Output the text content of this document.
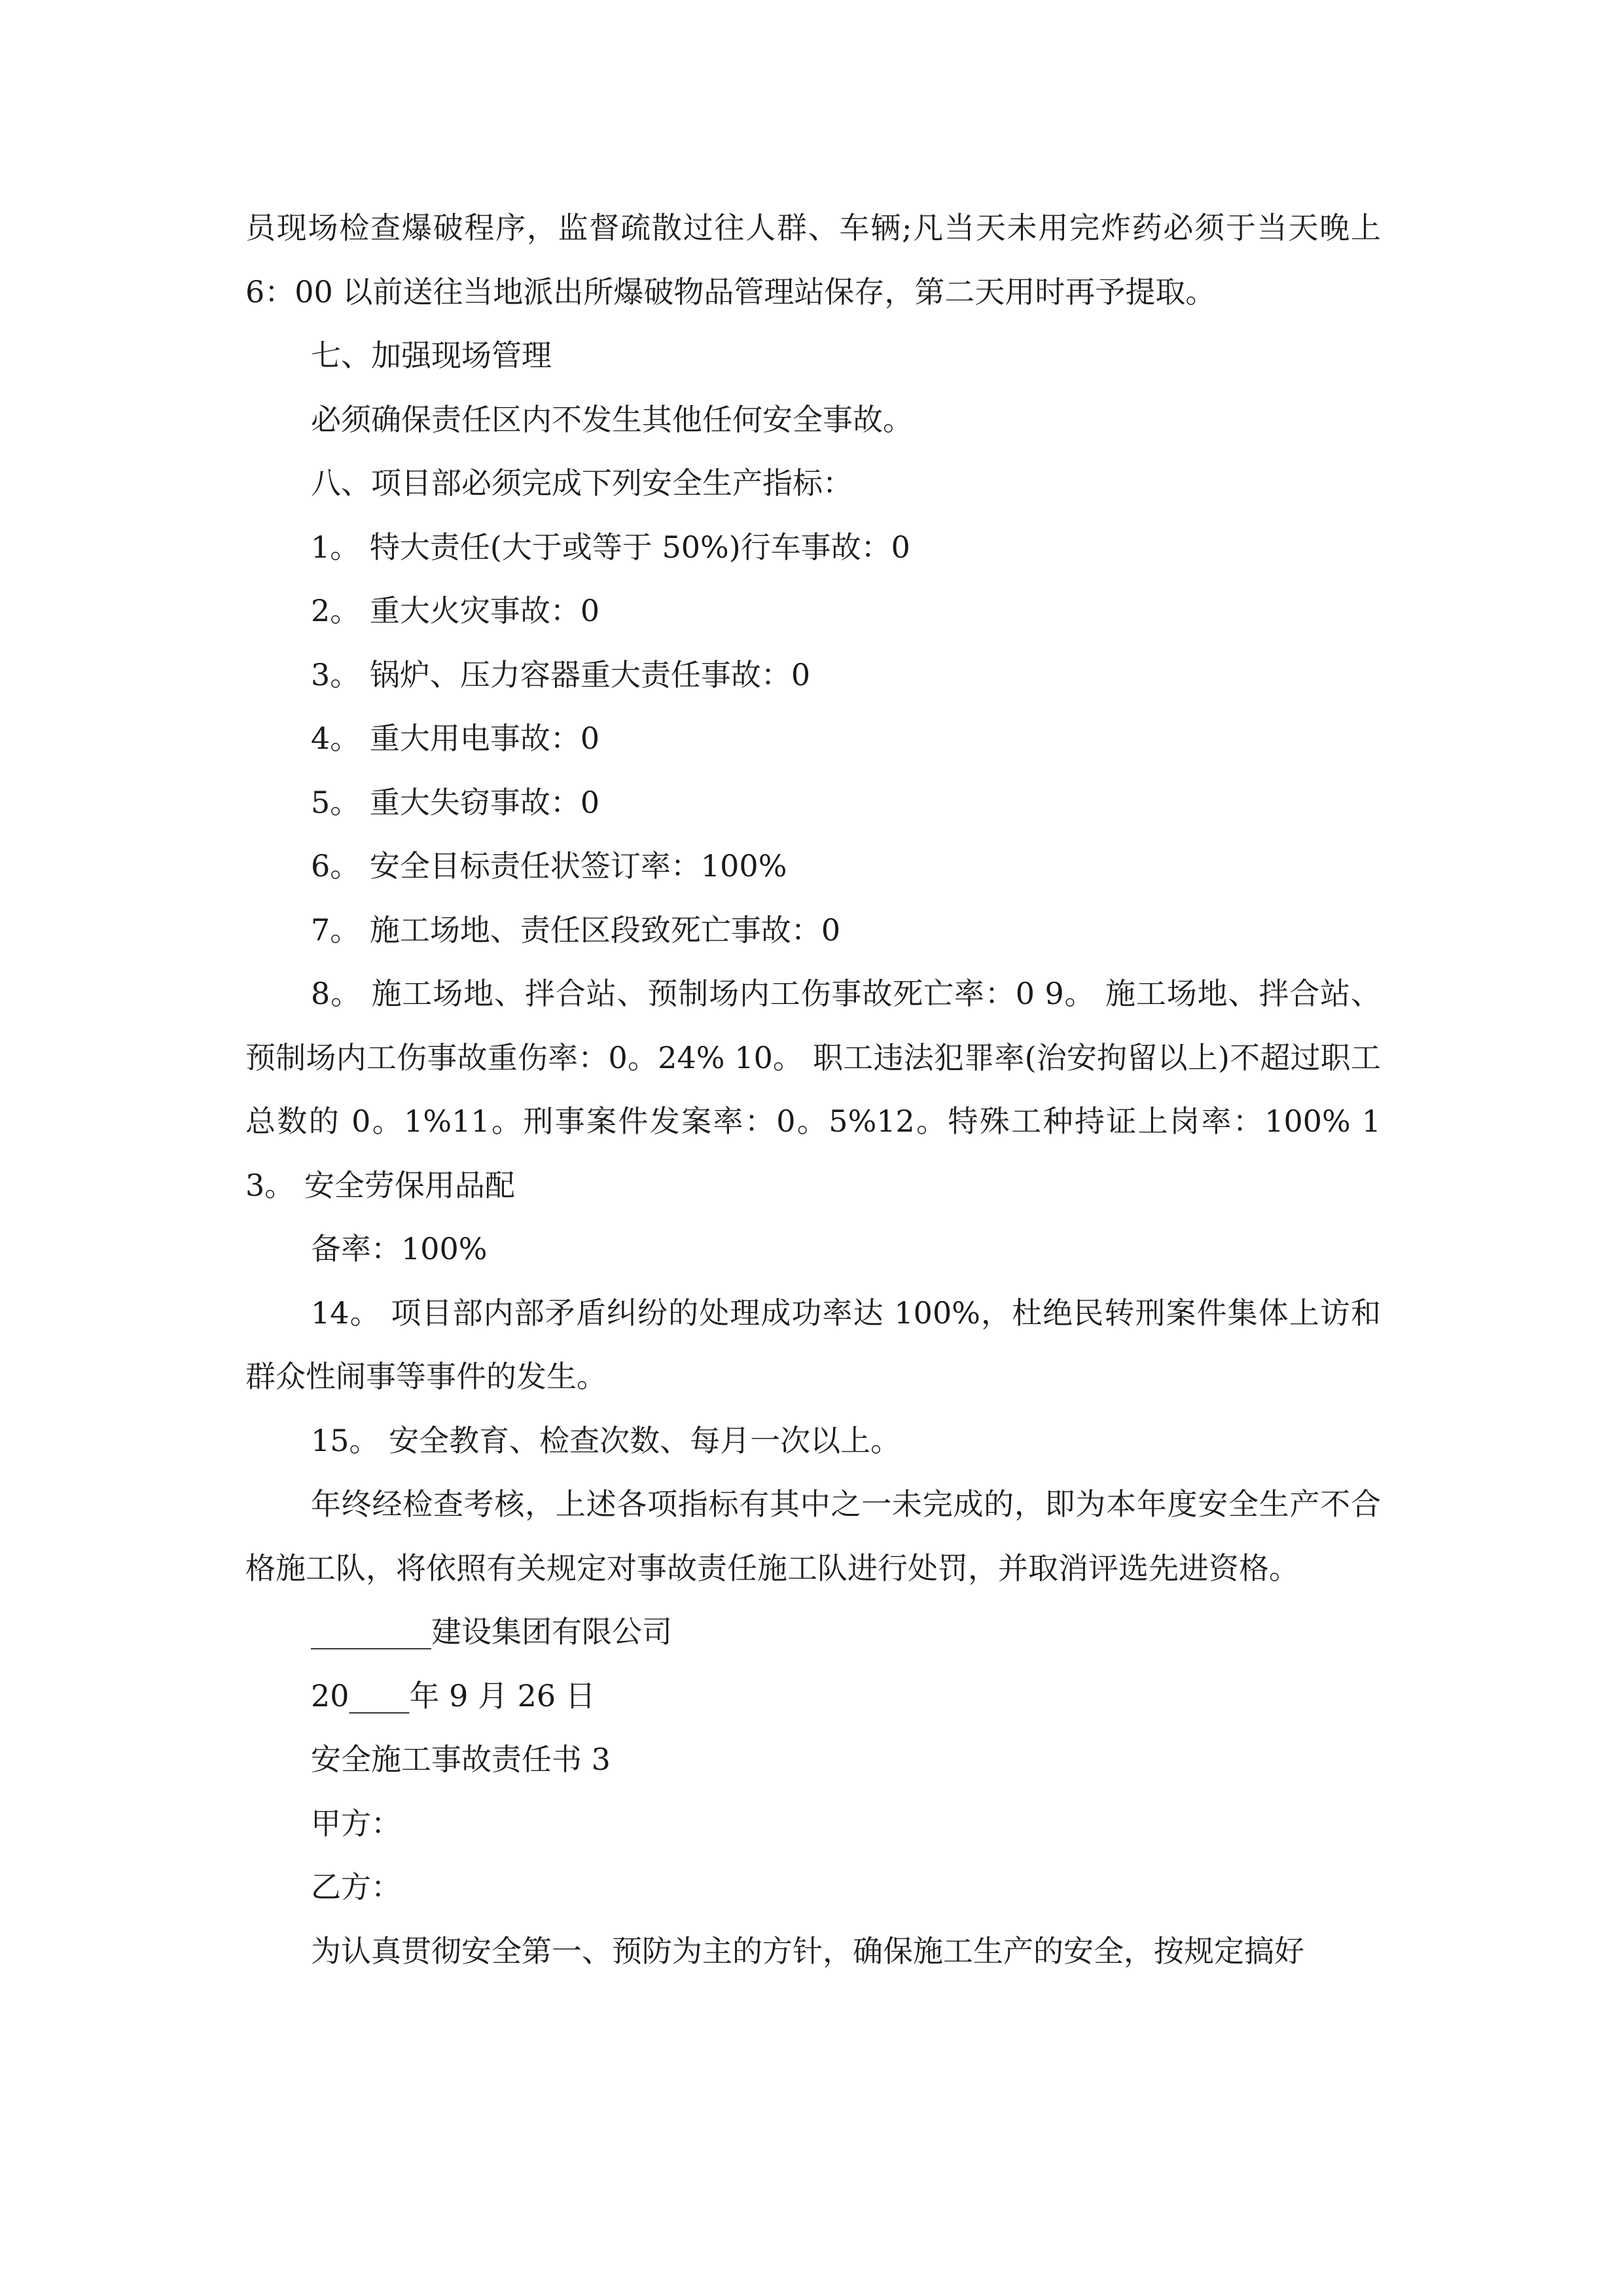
员现场检查爆破程序，监督疏散过往人群、车辆;凡当天未用完炸药必须于当天晚上 6：00 以前送往当地派出所爆破物品管理站保存，第二天用时再予提取。

七、加强现场管理

必须确保责任区内不发生其他任何安全事故。

八、项目部必须完成下列安全生产指标：

1。 特大责任(大于或等于 50%)行车事故：0

2。 重大火灾事故：0

3。 锅炉、压力容器重大责任事故：0

4。 重大用电事故：0

5。 重大失窃事故：0

6。 安全目标责任状签订率：100%

7。 施工场地、责任区段致死亡事故：0

8。 施工场地、拌合站、预制场内工伤事故死亡率：0 9。 施工场地、拌合站、预制场内工伤事故重伤率：0。24% 10。 职工违法犯罪率(治安拘留以上)不超过职工总数的 0。1%11。刑事案件发案率：0。5%12。特殊工种持证上岗率：100% 13。 安全劳保用品配

备率：100%

14。 项目部内部矛盾纠纷的处理成功率达 100%，杜绝民转刑案件集体上访和群众性闹事等事件的发生。

15。 安全教育、检查次数、每月一次以上。

年终经检查考核，上述各项指标有其中之一未完成的，即为本年度安全生产不合格施工队，将依照有关规定对事故责任施工队进行处罚，并取消评选先进资格。

________建设集团有限公司

20____年 9 月 26 日

安全施工事故责任书 3

甲方：

乙方：

为认真贯彻安全第一、预防为主的方针，确保施工生产的安全，按规定搞好
